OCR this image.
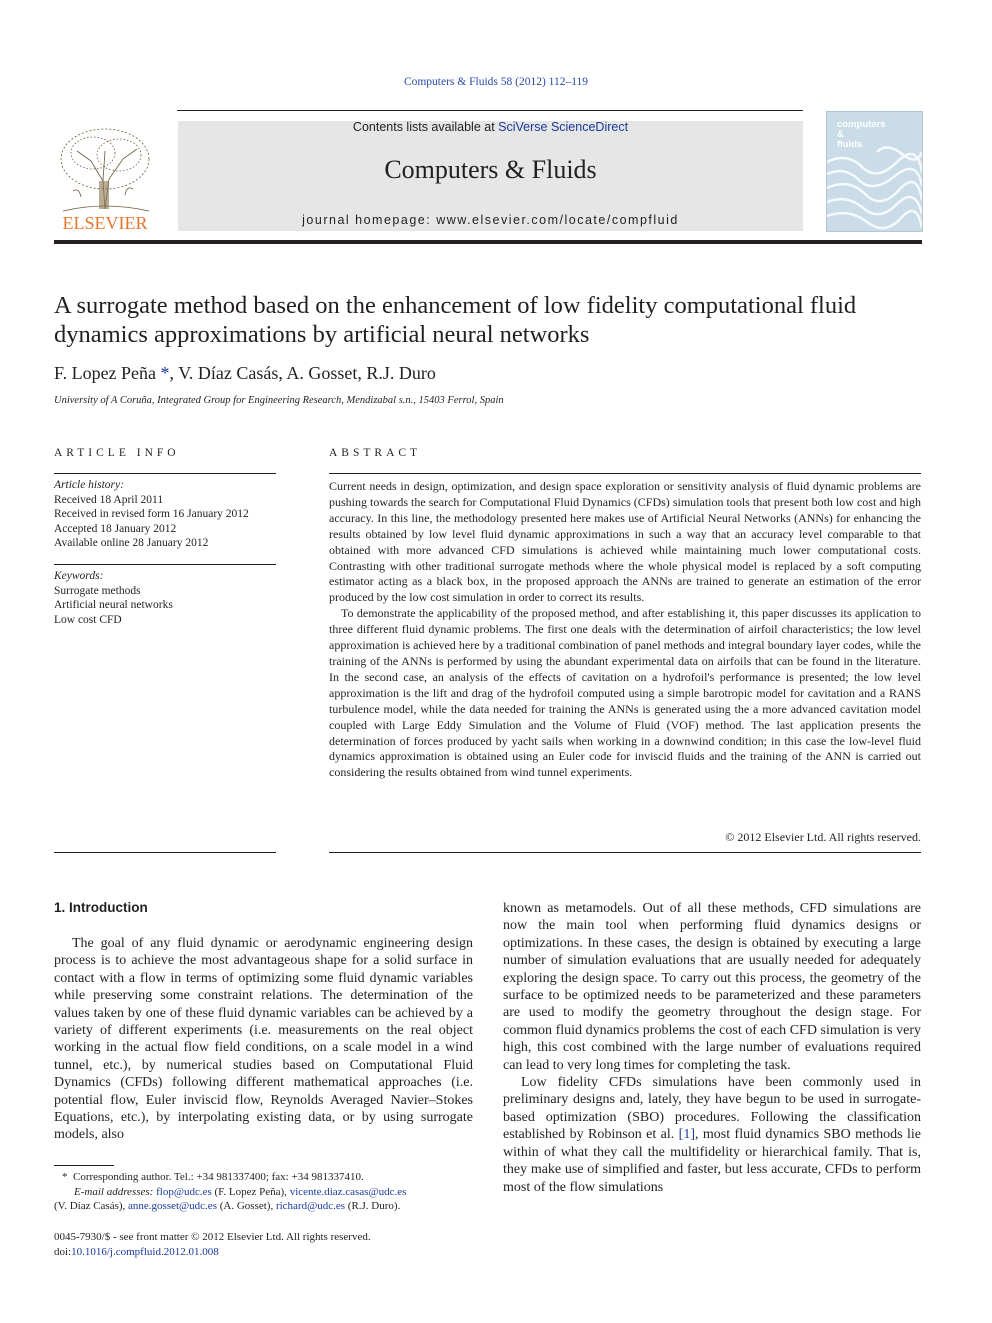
Computers & Fluids 58 (2012) 112–119
ELSEVIER
Contents lists available at SciVerse ScienceDirect
Computers & Fluids
journal homepage: www.elsevier.com/locate/compfluid
computers
&
fluids
A surrogate method based on the enhancement of low fidelity computational fluid dynamics approximations by artificial neural networks
F. Lopez Peña *, V. Díaz Casás, A. Gosset, R.J. Duro
University of A Coruña, Integrated Group for Engineering Research, Mendizabal s.n., 15403 Ferrol, Spain
ARTICLE INFO
Article history:
Received 18 April 2011
Received in revised form 16 January 2012
Accepted 18 January 2012
Available online 28 January 2012
Keywords:
Surrogate methods
Artificial neural networks
Low cost CFD
ABSTRACT

Current needs in design, optimization, and design space exploration or sensitivity analysis of fluid dynamic problems are pushing towards the search for Computational Fluid Dynamics (CFDs) simulation tools that present both low cost and high accuracy. In this line, the methodology presented here makes use of Artificial Neural Networks (ANNs) for enhancing the results obtained by low level fluid dynamic approximations in such a way that an accuracy level comparable to that obtained with more advanced CFD simulations is achieved while maintaining much lower computational costs. Contrasting with other traditional surrogate methods where the whole physical model is replaced by a soft computing estimator acting as a black box, in the proposed approach the ANNs are trained to generate an estimation of the error produced by the low cost simulation in order to correct its results.

To demonstrate the applicability of the proposed method, and after establishing it, this paper discusses its application to three different fluid dynamic problems. The first one deals with the determination of airfoil characteristics; the low level approximation is achieved here by a traditional combination of panel methods and integral boundary layer codes, while the training of the ANNs is performed by using the abundant experimental data on airfoils that can be found in the literature. In the second case, an analysis of the effects of cavitation on a hydrofoil's performance is presented; the low level approximation is the lift and drag of the hydrofoil computed using a simple barotropic model for cavitation and a RANS turbulence model, while the data needed for training the ANNs is generated using the a more advanced cavitation model coupled with Large Eddy Simulation and the Volume of Fluid (VOF) method. The last application presents the determination of forces produced by yacht sails when working in a downwind condition; in this case the low-level fluid dynamics approximation is obtained using an Euler code for inviscid fluids and the training of the ANN is carried out considering the results obtained from wind tunnel experiments.

© 2012 Elsevier Ltd. All rights reserved.
1. Introduction

The goal of any fluid dynamic or aerodynamic engineering design process is to achieve the most advantageous shape for a solid surface in contact with a flow in terms of optimizing some fluid dynamic variables while preserving some constraint relations. The determination of the values taken by one of these fluid dynamic variables can be achieved by a variety of different experiments (i.e. measurements on the real object working in the actual flow field conditions, on a scale model in a wind tunnel, etc.), by numerical studies based on Computational Fluid Dynamics (CFDs) following different mathematical approaches (i.e. potential flow, Euler inviscid flow, Reynolds Averaged Navier–Stokes Equations, etc.), by interpolating existing data, or by using surrogate models, also

known as metamodels. Out of all these methods, CFD simulations are now the main tool when performing fluid dynamics designs or optimizations. In these cases, the design is obtained by executing a large number of simulation evaluations that are usually needed for adequately exploring the design space. To carry out this process, the geometry of the surface to be optimized needs to be parameterized and these parameters are used to modify the geometry throughout the design stage. For common fluid dynamics problems the cost of each CFD simulation is very high, this cost combined with the large number of evaluations required can lead to very long times for completing the task.

Low fidelity CFDs simulations have been commonly used in preliminary designs and, lately, they have begun to be used in surrogate-based optimization (SBO) procedures. Following the classification established by Robinson et al. [1], most fluid dynamics SBO methods lie within of what they call the multifidelity or hierarchical family. That is, they make use of simplified and faster, but less accurate, CFDs to perform most of the flow simulations

* Corresponding author. Tel.: +34 981337400; fax: +34 981337410.
E-mail addresses: flop@udc.es (F. Lopez Peña), vicente.diaz.casas@udc.es
(V. Díaz Casás), anne.gosset@udc.es (A. Gosset), richard@udc.es (R.J. Duro).
0045-7930/$ - see front matter © 2012 Elsevier Ltd. All rights reserved.
doi:10.1016/j.compfluid.2012.01.008
